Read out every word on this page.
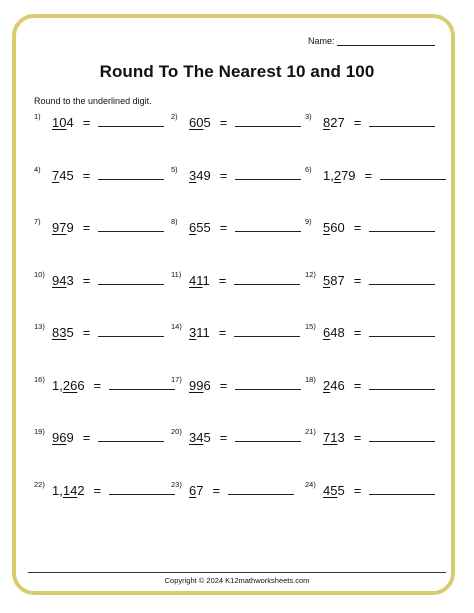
Name:
Round To The Nearest 10 and 100
Round to the underlined digit.
1) 104 =	2) 605 =	3) 827 =
4) 745 =	5) 349 =	6) 1,279 =
7) 979 =	8) 655 =	9) 560 =
10) 943 =	11) 411 =	12) 587 =
13) 835 =	14) 311 =	15) 648 =
16) 1,266 =	17) 996 =	18) 246 =
19) 969 =	20) 345 =	21) 713 =
22) 1,142 =	23) 67 =	24) 455 =
Copyright © 2024 K12mathworksheets.com
